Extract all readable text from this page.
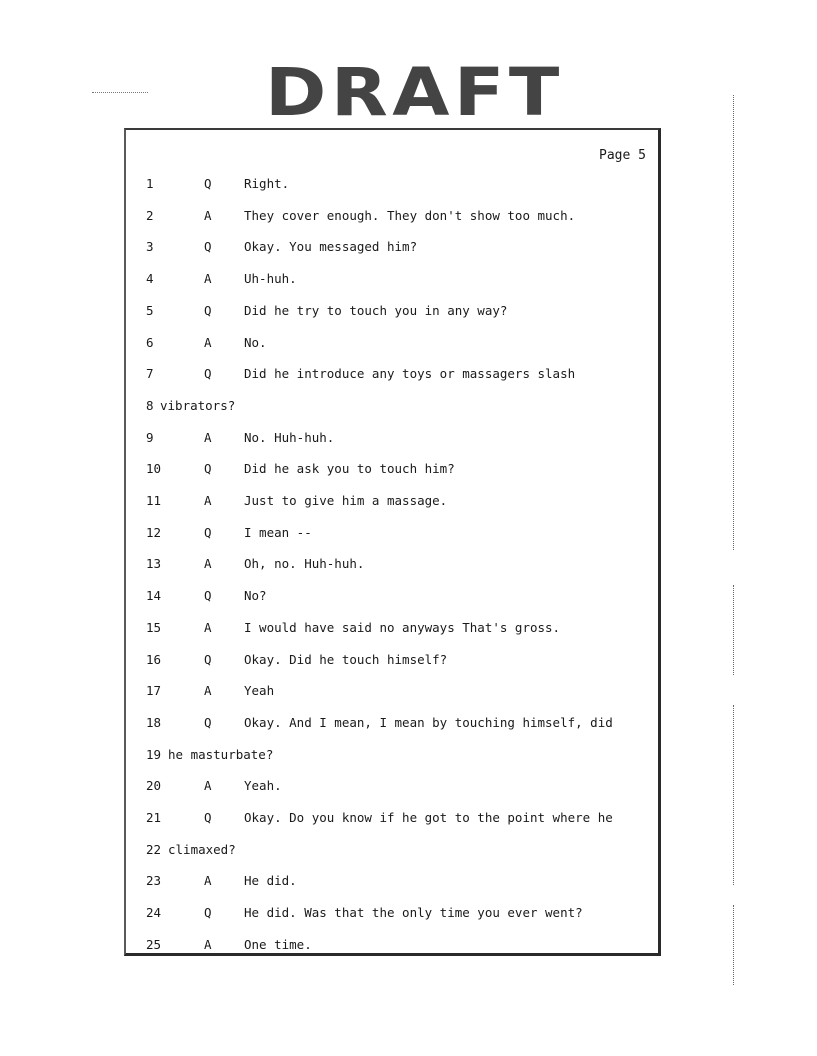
DRAFT
Page 5
1	Q	Right.
2	A	They cover enough. They don't show too much.
3	Q	Okay. You messaged him?
4	A	Uh-huh.
5	Q	Did he try to touch you in any way?
6	A	No.
7	Q	Did he introduce any toys or massagers slash
8 vibrators?
9	A	No. Huh-huh.
10	Q	Did he ask you to touch him?
11	A	Just to give him a massage.
12	Q	I mean --
13	A	Oh, no. Huh-huh.
14	Q	No?
15	A	I would have said no anyways That's gross.
16	Q	Okay. Did he touch himself?
17	A	Yeah
18	Q	Okay. And I mean, I mean by touching himself, did
19 he masturbate?
20	A	Yeah.
21	Q	Okay. Do you know if he got to the point where he
22 climaxed?
23	A	He did.
24	Q	He did. Was that the only time you ever went?
25	A	One time.
